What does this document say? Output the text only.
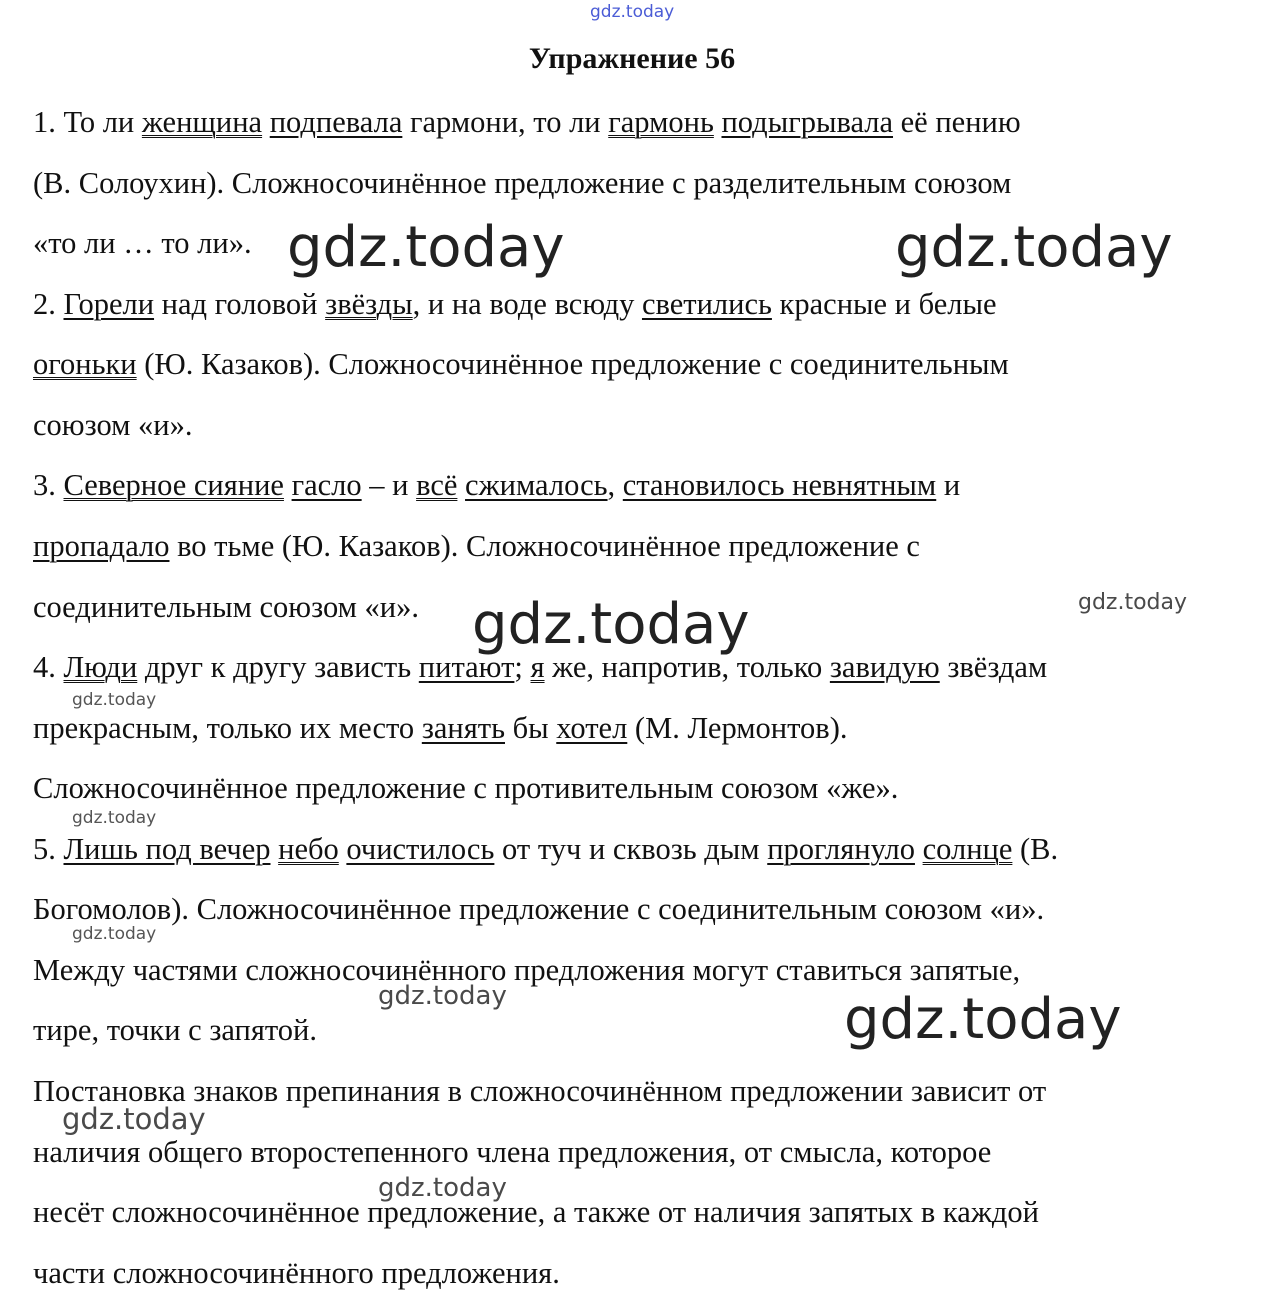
gdz.today
Упражнение 56
1. То ли женщина подпевала гармони, то ли гармонь подыгрывала её пению
(В. Солоухин). Сложносочинённое предложение с разделительным союзом
«то ли … то ли».
2. Горели над головой звёзды, и на воде всюду светились красные и белые
огоньки (Ю. Казаков). Сложносочинённое предложение с соединительным
союзом «и».
3. Северное сияние гасло – и всё сжималось, становилось невнятным и
пропадало во тьме (Ю. Казаков). Сложносочинённое предложение с
соединительным союзом «и».
4. Люди друг к другу зависть питают; я же, напротив, только завидую звёздам
прекрасным, только их место занять бы хотел (М. Лермонтов).
Сложносочинённое предложение с противительным союзом «же».
5. Лишь под вечер небо очистилось от туч и сквозь дым проглянуло солнце (В.
Богомолов). Сложносочинённое предложение с соединительным союзом «и».
Между частями сложносочинённого предложения могут ставиться запятые,
тире, точки с запятой.
Постановка знаков препинания в сложносочинённом предложении зависит от
наличия общего второстепенного члена предложения, от смысла, которое
несёт сложносочинённое предложение, а также от наличия запятых в каждой
части сложносочинённого предложения.
gdz.today	gdz.today
gdz.today	gdz.today
gdz.today
gdz.today
gdz.today
gdz.today	gdz.today
gdz.today
gdz.today
